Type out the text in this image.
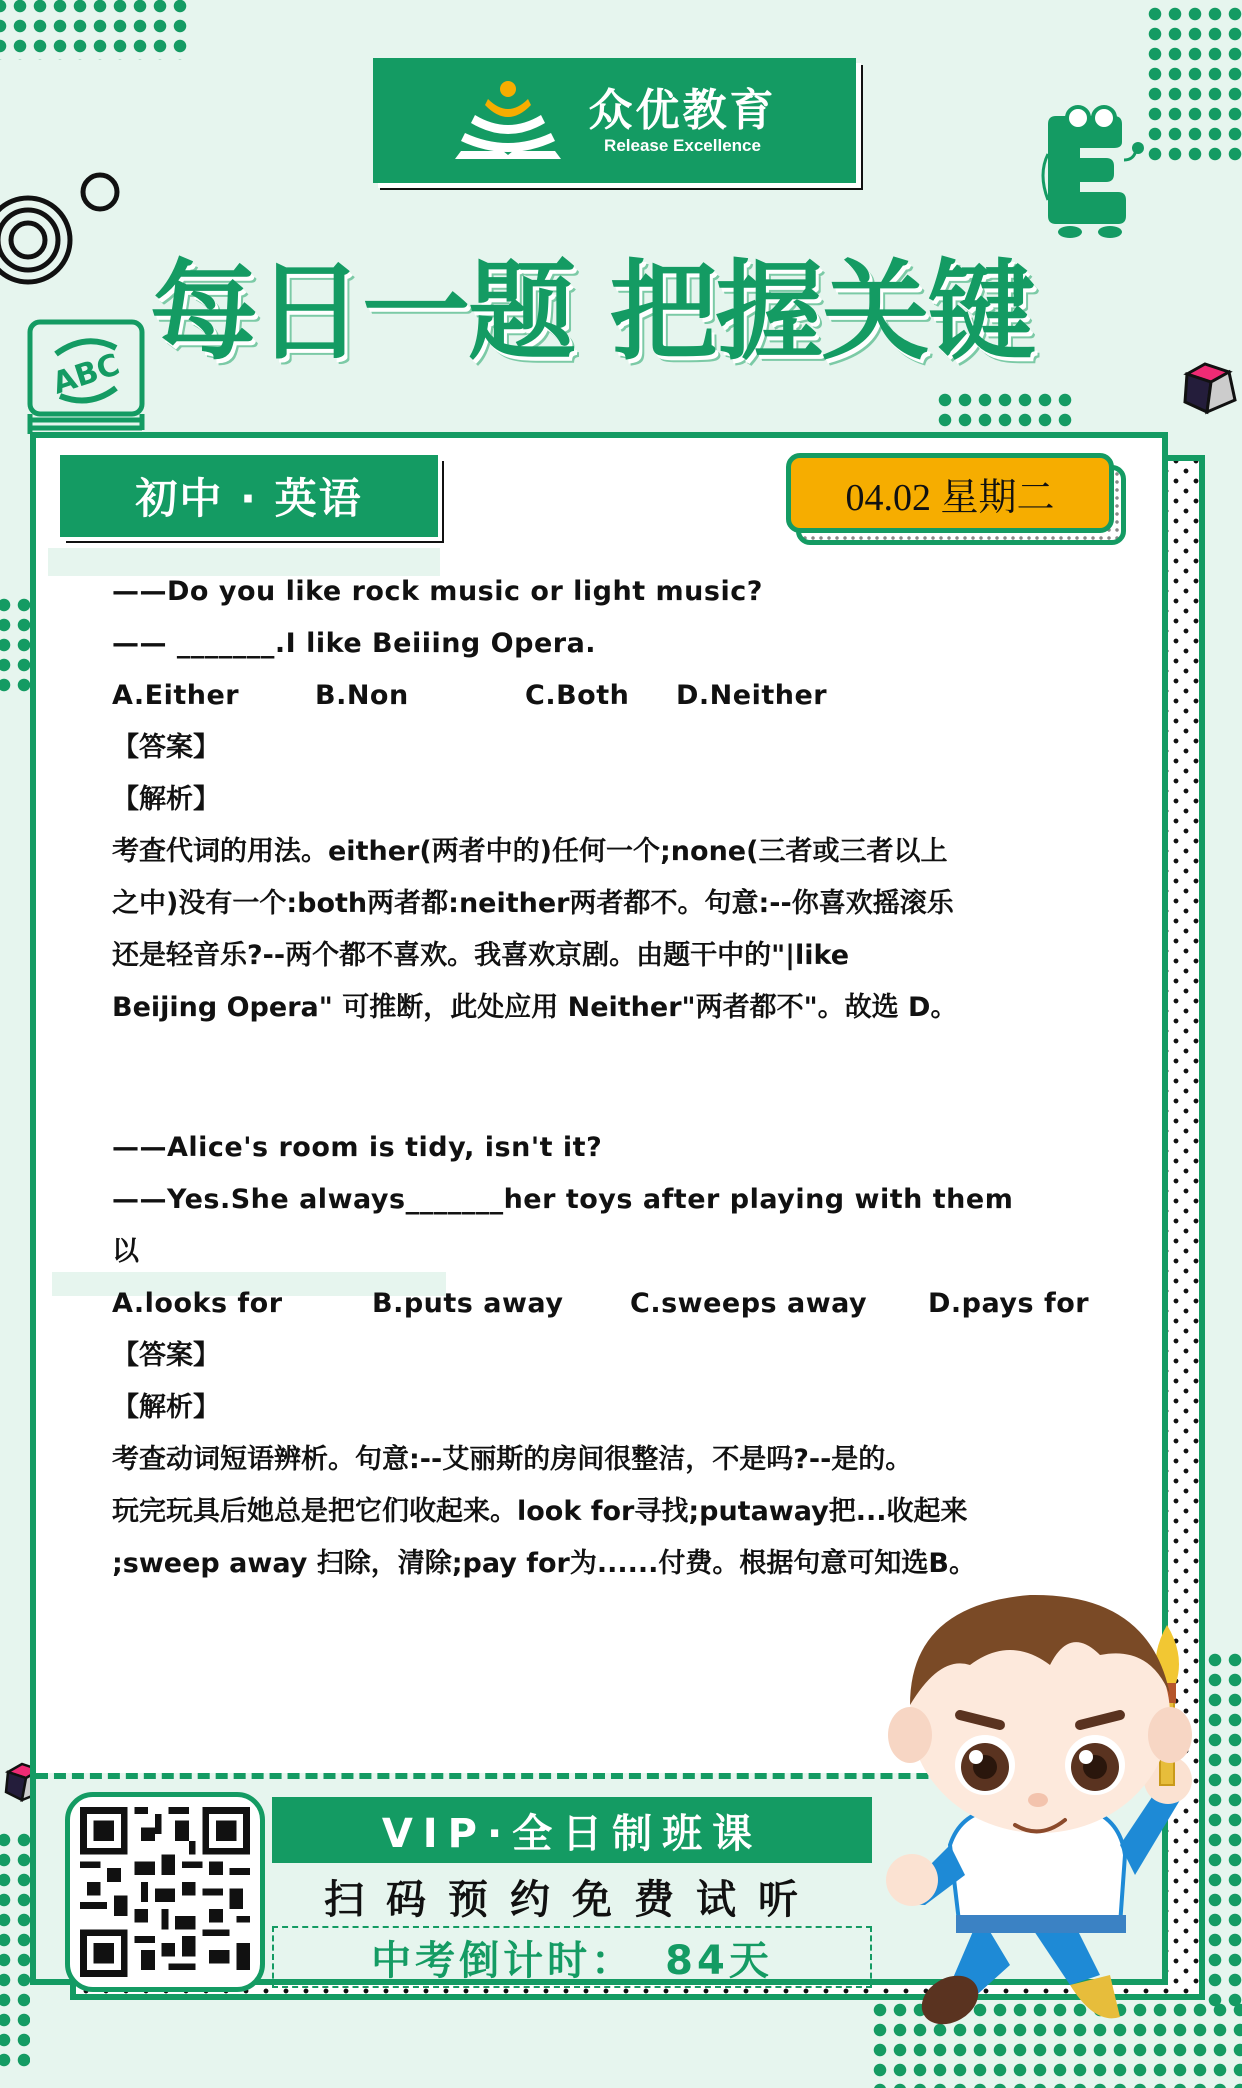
ABC
众优教育
Release Excellence
每日一题 把握关键
初中 · 英语	04.02 星期二
——Do you like rock music or light music?
—— _______.I like Beiiing Opera.
A.Either	B.Non	C.Both	D.Neither
【答案】
【解析】
考查代词的用法。either(两者中的)任何一个;none(三者或三者以上
之中)没有一个:both两者都:neither两者都不。句意:--你喜欢摇滚乐
还是轻音乐?--两个都不喜欢。我喜欢京剧。由题干中的"|like
Beijing Opera" 可推断，此处应用 Neither"两者都不"。故选 D。
——Alice's room is tidy, isn't it?
——Yes.She always_______her toys after playing with them
以
A.looks for	B.puts away	C.sweeps away	D.pays for
【答案】
【解析】
考查动词短语辨析。句意:--艾丽斯的房间很整洁，不是吗?--是的。
玩完玩具后她总是把它们收起来。look for寻找;putaway把...收起来
;sweep away 扫除，清除;pay for为......付费。根据句意可知选B。
VIP·全日制班课
扫码预约免费试听
中考倒计时： 84天
